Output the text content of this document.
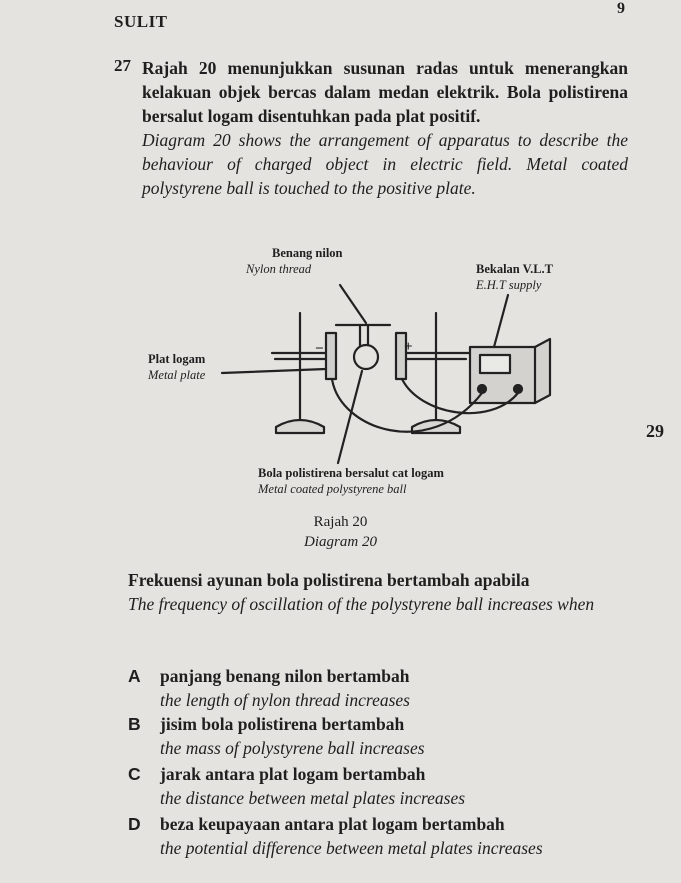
SULIT
9
27 Rajah 20 menunjukkan susunan radas untuk menerangkan kelakuan objek bercas dalam medan elektrik. Bola polistirena bersalut logam disentuhkan pada plat positif.
Diagram 20 shows the arrangement of apparatus to describe the behaviour of charged object in electric field. Metal coated polystyrene ball is touched to the positive plate.
−	+
Benang nilon
Nylon thread	Bekalan V.L.T
E.H.T supply
Plat logam
Metal plate
Bola polistirena bersalut cat logam
Metal coated polystyrene ball
Rajah 20
Diagram 20
29
Frekuensi ayunan bola polistirena bertambah apabila
The frequency of oscillation of the polystyrene ball increases when
A panjang benang nilon bertambah
the length of nylon thread increases
B jisim bola polistirena bertambah
the mass of polystyrene ball increases
C jarak antara plat logam bertambah
the distance between metal plates increases
D beza keupayaan antara plat logam bertambah
the potential difference between metal plates increases
